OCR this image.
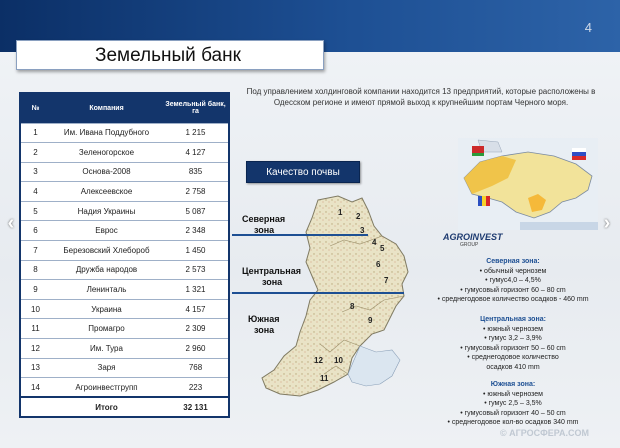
4
Земельный банк
№	Компания	Земельный банк, га
1	Им. Ивана Поддубного	1 215
2	Зеленогорское	4 127
3	Основа-2008	835
4	Алексеевское	2 758
5	Надия Украины	5 087
6	Еврос	2 348
7	Березовский Хлебороб	1 450
8	Дружба народов	2 573
9	Ленинталь	1 321
10	Украина	4 157
11	Промагро	2 309
12	Им. Тура	2 960
13	Заря	768
14	Агроинвестгрупп	223
	Итого	32 131
Под управлением холдинговой компании находится 13 предприятий, которые расположены в Одесском регионе и имеют прямой выход к крупнейшим портам Черного моря.
Качество почвы
Северная
зона
Центральная
зона
Южная
зона
1 2
3
4
5
6
7
8
9
10
11
12
AGROINVEST
GROUP
Северная зона:
• обычный чернозем
• гумус4,0 – 4,5%
• гумусовый горизонт 60 – 80 cm
• среднегодовое количество осадков - 460 mm
Центральная зона:
• южный чернозем
• гумус 3,2 – 3,9%
• гумусовый горизонт 50 – 60 cm
• среднегодовое количество
осадков 410 mm
Южная зона:
• южный чернозем
• гумус 2,5 – 3,5%
• гумусовый горизонт 40 – 50 cm
• среднегодовое кол-во осадков 340 mm
‹	›
© АГРОСФЕРА.COM
